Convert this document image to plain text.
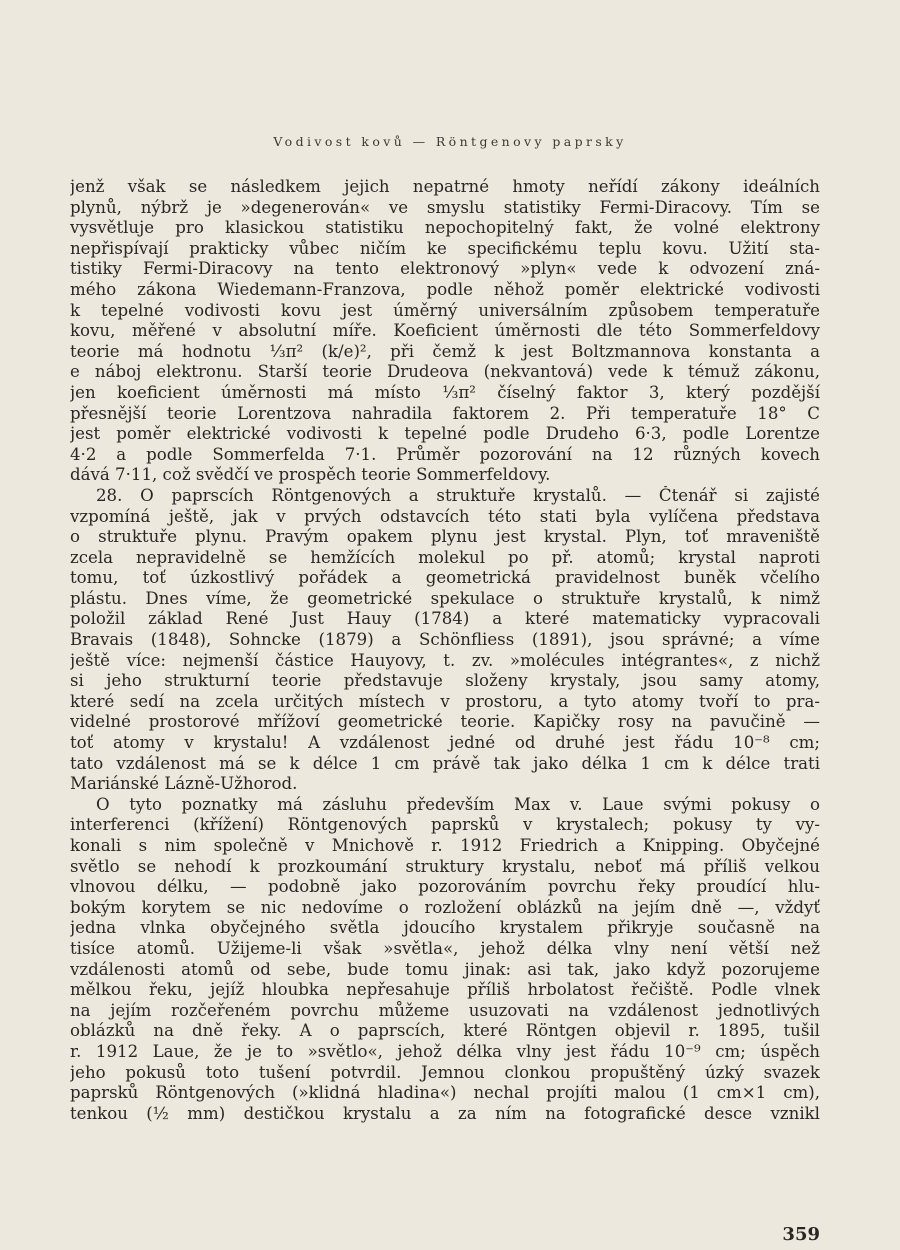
Vodivost kovů — Röntgenovy paprsky
jenž však se následkem jejich nepatrné hmoty neřídí zákony ideálních
plynů, nýbrž je »degenerován« ve smyslu statistiky Fermi-Diracovy. Tím se
vysvětluje pro klasickou statistiku nepochopitelný fakt, že volné elektrony
nepřispívají prakticky vůbec ničím ke specifickému teplu kovu. Užití sta-
tistiky Fermi-Diracovy na tento elektronový »plyn« vede k odvození zná-
mého zákona Wiedemann-Franzova, podle něhož poměr elektrické vodivosti
k tepelné vodivosti kovu jest úměrný universálním způsobem temperatuře
kovu, měřené v absolutní míře. Koeficient úměrnosti dle této Sommerfeldovy
teorie má hodnotu ⅓π² (k/e)², při čemž k jest Boltzmannova konstanta a
e náboj elektronu. Starší teorie Drudeova (nekvantová) vede k témuž zákonu,
jen koeficient úměrnosti má místo ⅓π² číselný faktor 3, který pozdější
přesnější teorie Lorentzova nahradila faktorem 2. Při temperatuře 18° C
jest poměr elektrické vodivosti k tepelné podle Drudeho 6·3, podle Lorentze
4·2 a podle Sommerfelda 7·1. Průměr pozorování na 12 různých kovech
dává 7·11, což svědčí ve prospěch teorie Sommerfeldovy.
28. O paprscích Röntgenových a struktuře krystalů. — Čtenář si zajisté
vzpomíná ještě, jak v prvých odstavcích této stati byla vylíčena představa
o struktuře plynu. Pravým opakem plynu jest krystal. Plyn, toť mraveniště
zcela nepravidelně se hemžících molekul po př. atomů; krystal naproti
tomu, toť úzkostlivý pořádek a geometrická pravidelnost buněk včelího
plástu. Dnes víme, že geometrické spekulace o struktuře krystalů, k nimž
položil základ René Just Hauy (1784) a které matematicky vypracovali
Bravais (1848), Sohncke (1879) a Schönfliess (1891), jsou správné; a víme
ještě více: nejmenší částice Hauyovy, t. zv. »molécules intégrantes«, z nichž
si jeho strukturní teorie představuje složeny krystaly, jsou samy atomy,
které sedí na zcela určitých místech v prostoru, a tyto atomy tvoří to pra-
videlné prostorové mřížoví geometrické teorie. Kapičky rosy na pavučině —
toť atomy v krystalu! A vzdálenost jedné od druhé jest řádu 10⁻⁸ cm;
tato vzdálenost má se k délce 1 cm právě tak jako délka 1 cm k délce trati
Mariánské Lázně-Užhorod.
O tyto poznatky má zásluhu především Max v. Laue svými pokusy o
interferenci (křížení) Röntgenových paprsků v krystalech; pokusy ty vy-
konali s nim společně v Mnichově r. 1912 Friedrich a Knipping. Obyčejné
světlo se nehodí k prozkoumání struktury krystalu, neboť má příliš velkou
vlnovou délku, — podobně jako pozorováním povrchu řeky proudící hlu-
bokým korytem se nic nedovíme o rozložení oblázků na jejím dně —, vždyť
jedna vlnka obyčejného světla jdoucího krystalem přikryje současně na
tisíce atomů. Užijeme-li však »světla«, jehož délka vlny není větší než
vzdálenosti atomů od sebe, bude tomu jinak: asi tak, jako když pozorujeme
mělkou řeku, jejíž hloubka nepřesahuje příliš hrbolatost řečiště. Podle vlnek
na jejím rozčeřeném povrchu můžeme usuzovati na vzdálenost jednotlivých
oblázků na dně řeky. A o paprscích, které Röntgen objevil r. 1895, tušil
r. 1912 Laue, že je to »světlo«, jehož délka vlny jest řádu 10⁻⁹ cm; úspěch
jeho pokusů toto tušení potvrdil. Jemnou clonkou propuštěný úzký svazek
paprsků Röntgenových (»klidná hladina«) nechal projíti malou (1 cm×1 cm),
tenkou (½ mm) destičkou krystalu a za ním na fotografické desce vznikl
359
